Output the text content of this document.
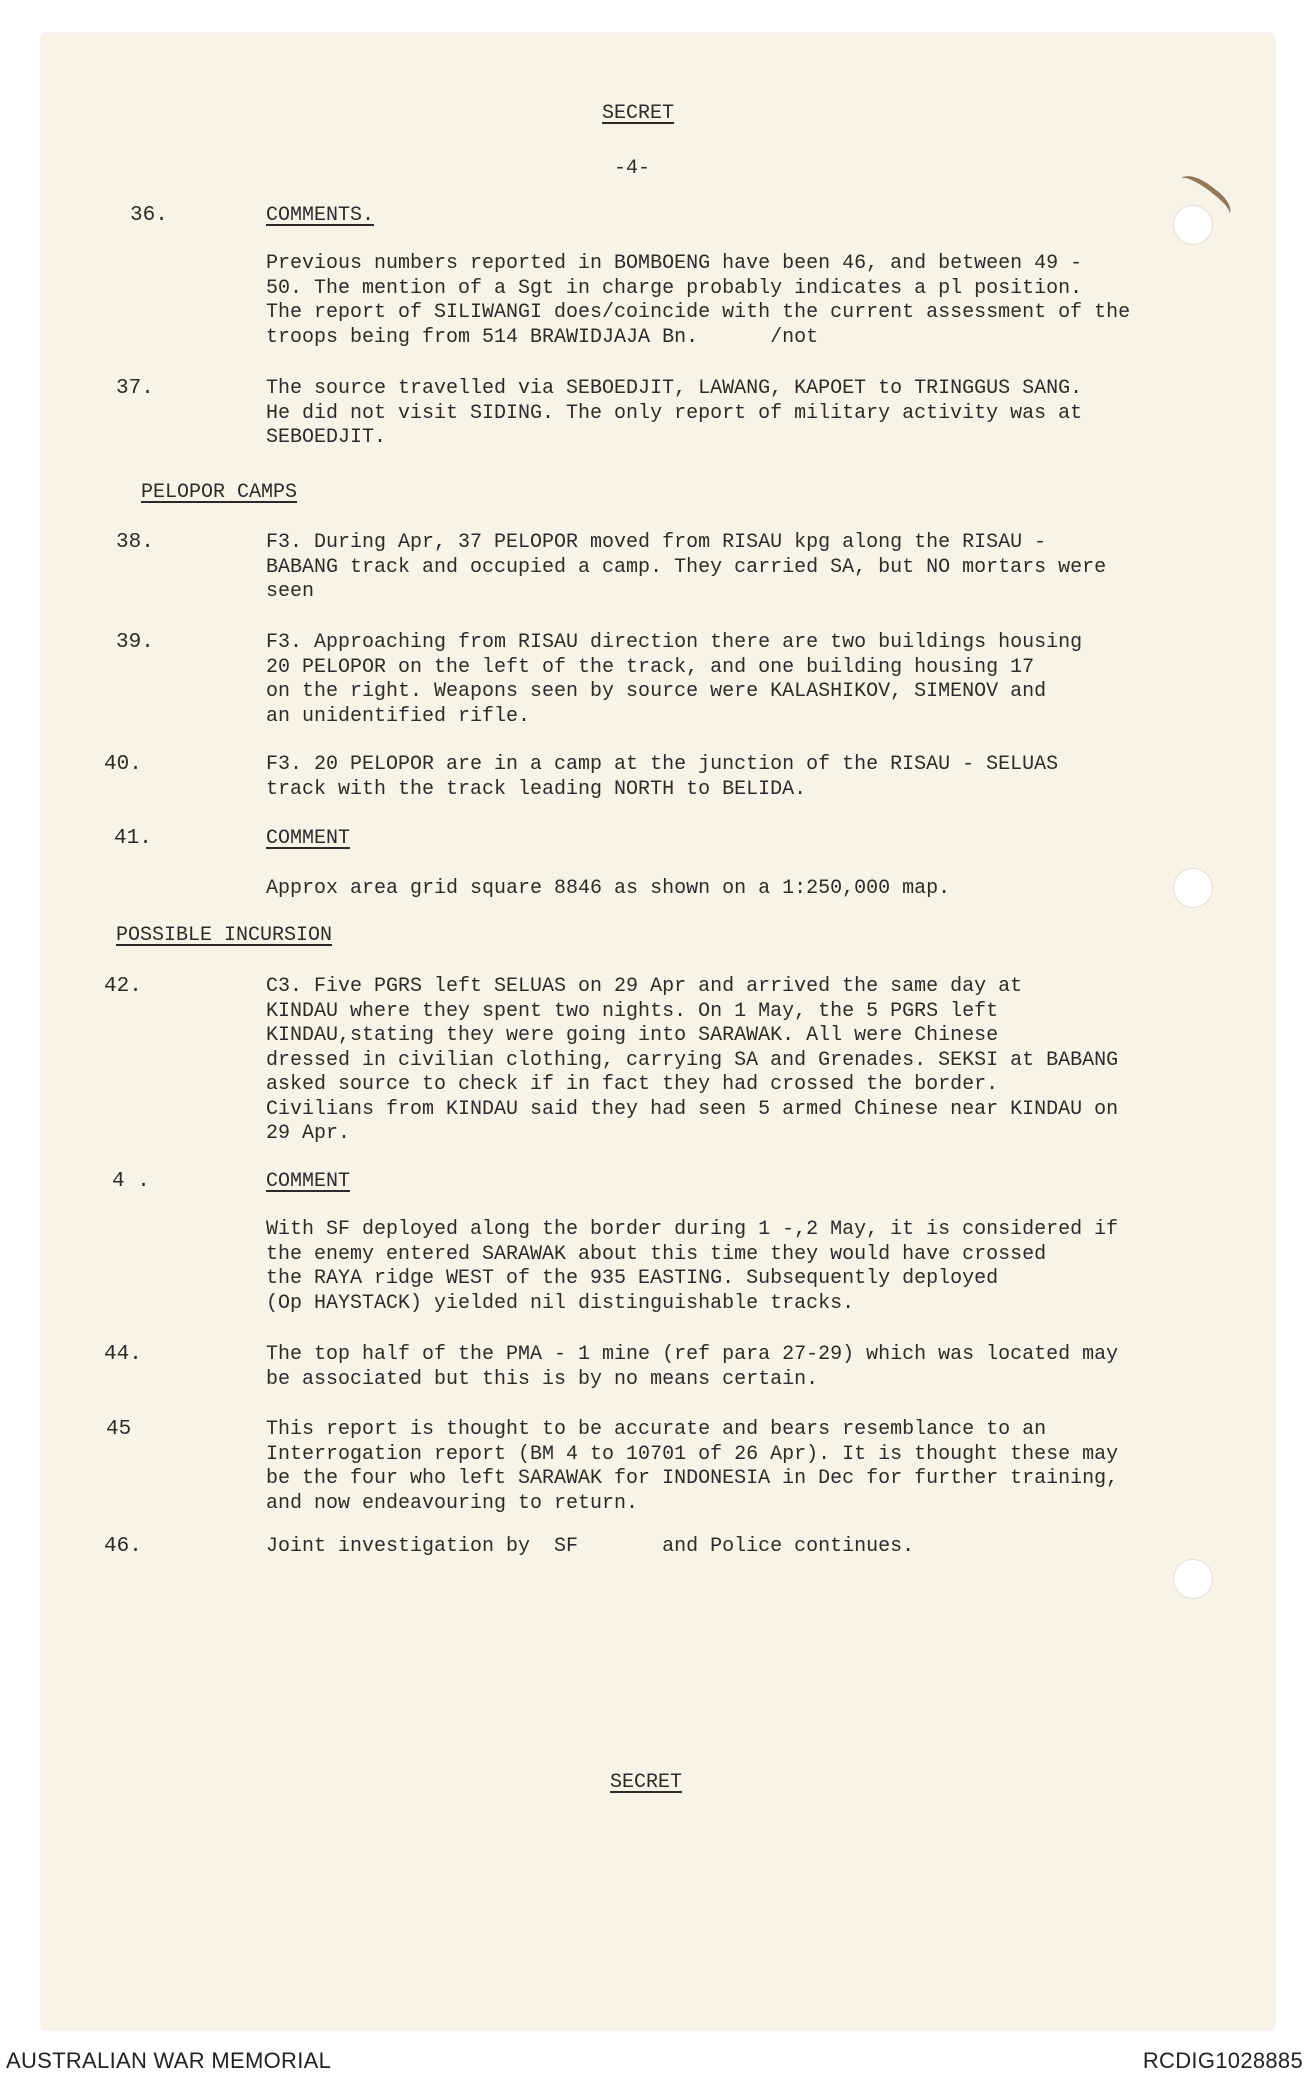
SECRET
-4-
36.	COMMENTS.
Previous numbers reported in BOMBOENG have been 46, and between 49 -
50. The mention of a Sgt in charge probably indicates a pl position.
The report of SILIWANGI does/coincide with the current assessment of the
troops being from 514 BRAWIDJAJA Bn.      /not
37.	The source travelled via SEBOEDJIT, LAWANG, KAPOET to TRINGGUS SANG.
He did not visit SIDING. The only report of military activity was at
SEBOEDJIT.
PELOPOR CAMPS
38.	F3. During Apr, 37 PELOPOR moved from RISAU kpg along the RISAU -
BABANG track and occupied a camp. They carried SA, but NO mortars were
seen
39.	F3. Approaching from RISAU direction there are two buildings housing
20 PELOPOR on the left of the track, and one building housing 17
on the right. Weapons seen by source were KALASHIKOV, SIMENOV and
an unidentified rifle.
40.	F3. 20 PELOPOR are in a camp at the junction of the RISAU - SELUAS
track with the track leading NORTH to BELIDA.
41.	COMMENT
Approx area grid square 8846 as shown on a 1:250,000 map.
POSSIBLE INCURSION
42.	C3. Five PGRS left SELUAS on 29 Apr and arrived the same day at
KINDAU where they spent two nights. On 1 May, the 5 PGRS left
KINDAU,stating they were going into SARAWAK. All were Chinese
dressed in civilian clothing, carrying SA and Grenades. SEKSI at BABANG
asked source to check if in fact they had crossed the border.
Civilians from KINDAU said they had seen 5 armed Chinese near KINDAU on
29 Apr.
4 .	COMMENT
With SF deployed along the border during 1 -,2 May, it is considered if
the enemy entered SARAWAK about this time they would have crossed
the RAYA ridge WEST of the 935 EASTING. Subsequently deployed
(Op HAYSTACK) yielded nil distinguishable tracks.
44.	The top half of the PMA - 1 mine (ref para 27-29) which was located may
be associated but this is by no means certain.
45	This report is thought to be accurate and bears resemblance to an
Interrogation report (BM 4 to 10701 of 26 Apr). It is thought these may
be the four who left SARAWAK for INDONESIA in Dec for further training,
and now endeavouring to return.
46.	Joint investigation by  SF       and Police continues.
SECRET
AUSTRALIAN WAR MEMORIAL	RCDIG1028885
